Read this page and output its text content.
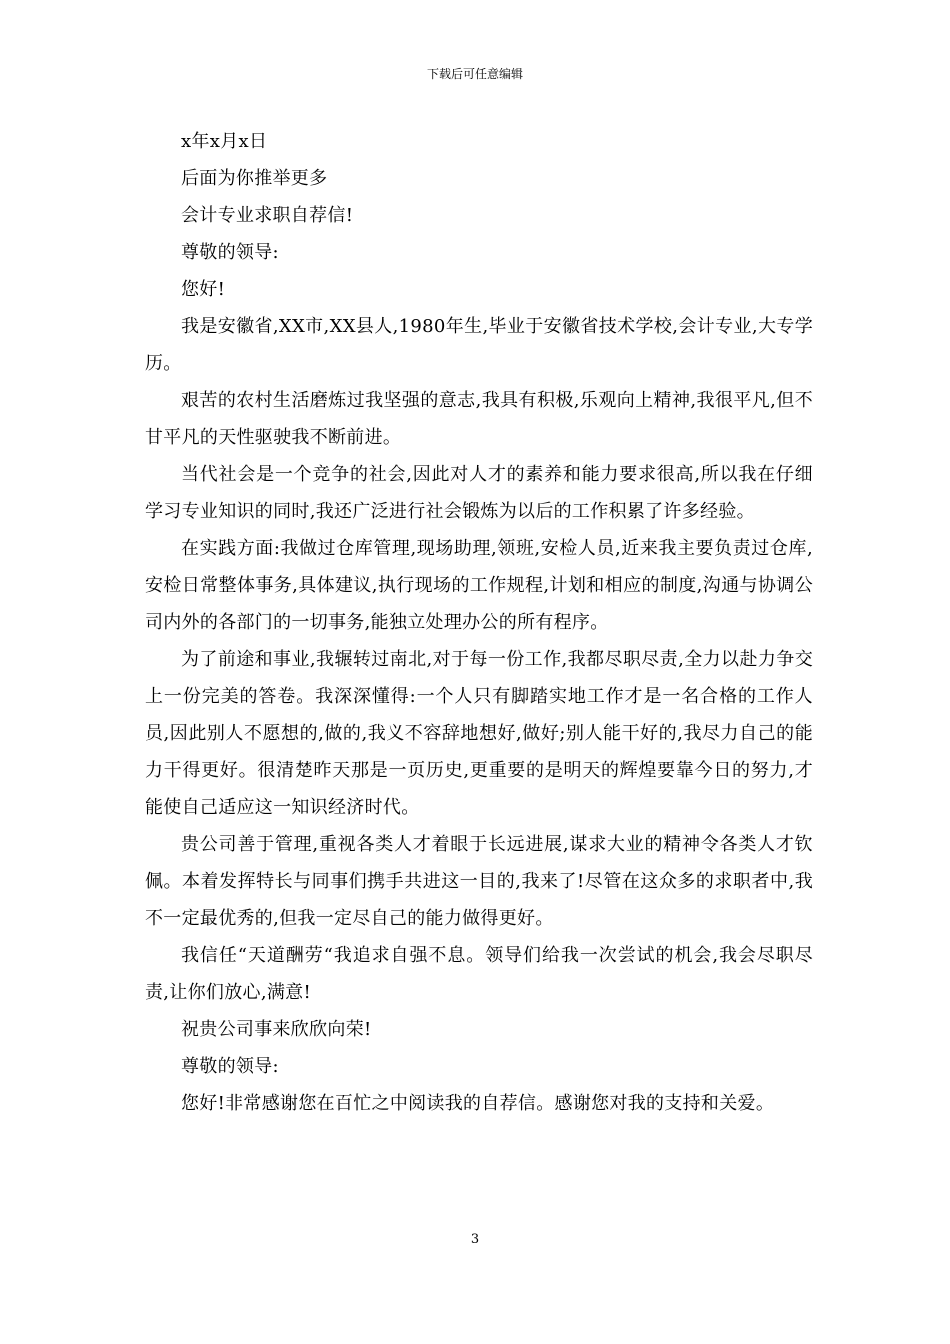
下载后可任意编辑

x年x月x日

后面为你推举更多

会计专业求职自荐信!

尊敬的领导:

您好!

我是安徽省,XX市,XX县人,1980年生,毕业于安徽省技术学校,会计专业,大专学历。

艰苦的农村生活磨炼过我坚强的意志,我具有积极,乐观向上精神,我很平凡,但不甘平凡的天性驱驶我不断前进。

当代社会是一个竞争的社会,因此对人才的素养和能力要求很高,所以我在仔细学习专业知识的同时,我还广泛进行社会锻炼为以后的工作积累了许多经验。

在实践方面:我做过仓库管理,现场助理,领班,安检人员,近来我主要负责过仓库,安检日常整体事务,具体建议,执行现场的工作规程,计划和相应的制度,沟通与协调公司内外的各部门的一切事务,能独立处理办公的所有程序。

为了前途和事业,我辗转过南北,对于每一份工作,我都尽职尽责,全力以赴力争交上一份完美的答卷。我深深懂得:一个人只有脚踏实地工作才是一名合格的工作人员,因此别人不愿想的,做的,我义不容辞地想好,做好;别人能干好的,我尽力自己的能力干得更好。很清楚昨天那是一页历史,更重要的是明天的辉煌要靠今日的努力,才能使自己适应这一知识经济时代。

贵公司善于管理,重视各类人才着眼于长远进展,谋求大业的精神令各类人才钦佩。本着发挥特长与同事们携手共进这一目的,我来了!尽管在这众多的求职者中,我不一定最优秀的,但我一定尽自己的能力做得更好。

我信任“天道酬劳“我追求自强不息。领导们给我一次尝试的机会,我会尽职尽责,让你们放心,满意!

祝贵公司事来欣欣向荣!

尊敬的领导:

您好!非常感谢您在百忙之中阅读我的自荐信。感谢您对我的支持和关爱。

3
